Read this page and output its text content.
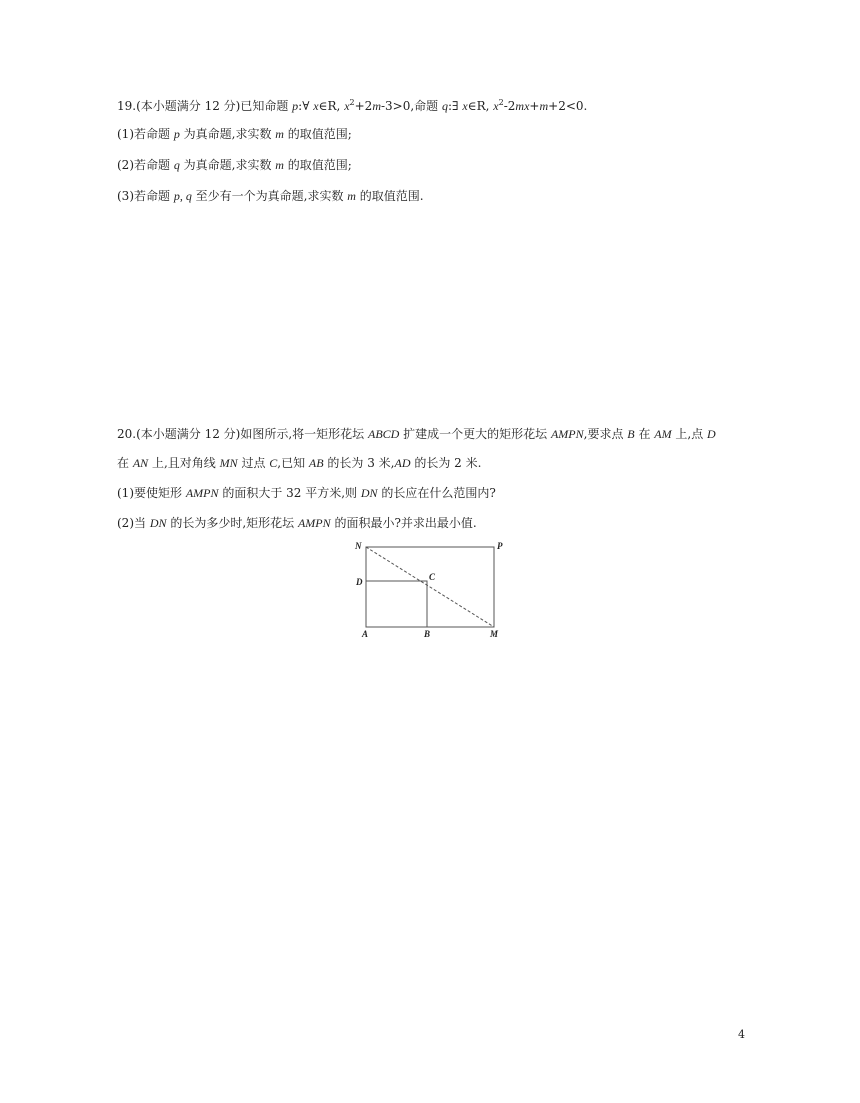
19.(本小题满分 12 分)已知命题 p:∀ x∈R, $x^2+2m-3>0$,命题 q:∃ x∈R, $x^2-2mx+m+2<0$.
(1)若命题 p 为真命题,求实数 m 的取值范围;
(2)若命题 q 为真命题,求实数 m 的取值范围;
(3)若命题 p, q 至少有一个为真命题,求实数 m 的取值范围.
20.(本小题满分 12 分)如图所示,将一矩形花坛 ABCD 扩建成一个更大的矩形花坛 AMPN,要求点 B 在 AM 上,点 D
在 AN 上,且对角线 MN 过点 C,已知 AB 的长为 3 米,AD 的长为 2 米.
(1)要使矩形 AMPN 的面积大于 32 平方米,则 DN 的长应在什么范围内?
(2)当 DN 的长为多少时,矩形花坛 AMPN 的面积最小?并求出最小值.
N	P
D	C
A	B	M
4
